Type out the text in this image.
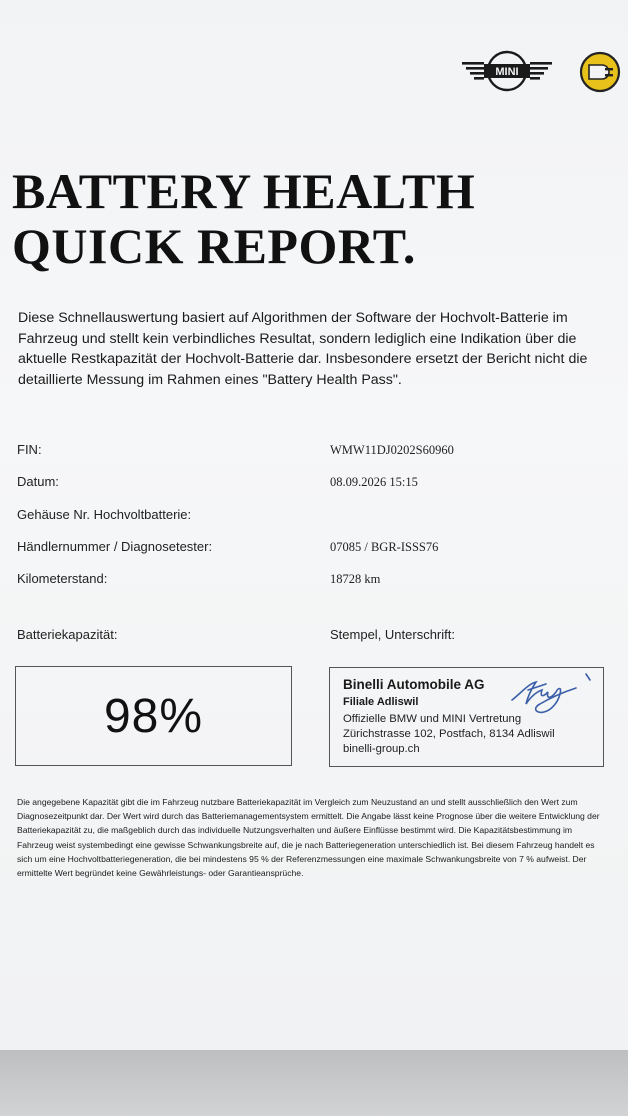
MINI
BATTERY HEALTH
QUICK REPORT.

Diese Schnellauswertung basiert auf Algorithmen der Software der Hochvolt-Batterie im Fahrzeug und stellt kein verbindliches Resultat, sondern lediglich eine Indikation über die aktuelle Restkapazität der Hochvolt-Batterie dar. Insbesondere ersetzt der Bericht nicht die detaillierte Messung im Rahmen eines "Battery Health Pass".

FIN:	WMW11DJ0202S60960
Datum:	08.09.2026 15:15
Gehäuse Nr. Hochvoltbatterie:
Händlernummer / Diagnosetester:	07085 / BGR-ISSS76
Kilometerstand:	18728 km
Batteriekapazität:	Stempel, Unterschrift:
98%
Binelli Automobile AG
Filiale Adliswil
Offizielle BMW und MINI Vertretung
Zürichstrasse 102, Postfach, 8134 Adliswil
binelli-group.ch

Die angegebene Kapazität gibt die im Fahrzeug nutzbare Batteriekapazität im Vergleich zum Neuzustand an und stellt ausschließlich den Wert zum Diagnosezeitpunkt dar. Der Wert wird durch das Batteriemanagementsystem ermittelt. Die Angabe lässt keine Prognose über die weitere Entwicklung der Batteriekapazität zu, die maßgeblich durch das individuelle Nutzungsverhalten und äußere Einflüsse bestimmt wird. Die Kapazitätsbestimmung im Fahrzeug weist systembedingt eine gewisse Schwankungsbreite auf, die je nach Batteriegeneration unterschiedlich ist. Bei diesem Fahrzeug handelt es sich um eine Hochvoltbatteriegeneration, die bei mindestens 95 % der Referenzmessungen eine maximale Schwankungsbreite von 7 % aufweist. Der ermittelte Wert begründet keine Gewährleistungs- oder Garantieansprüche.
